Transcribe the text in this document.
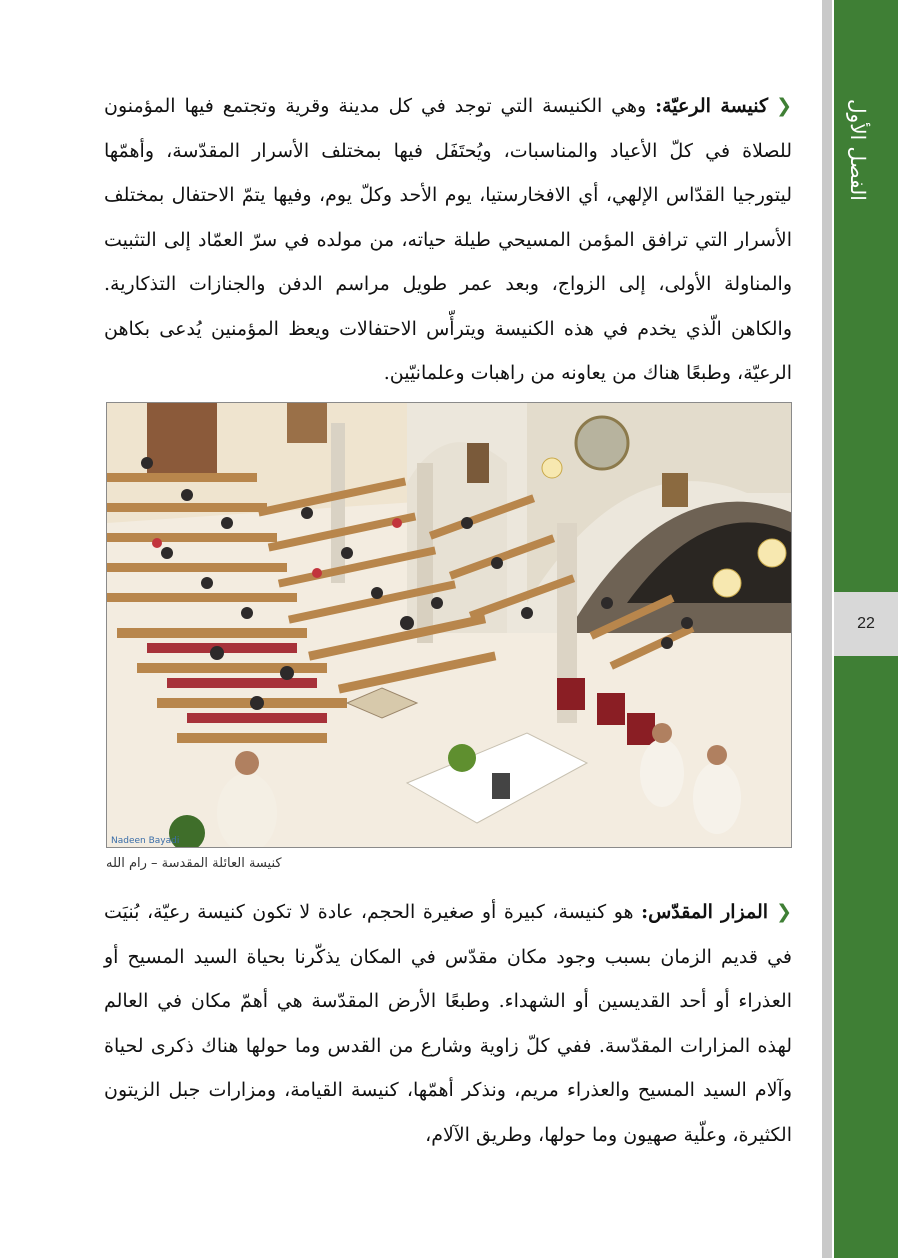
الفصل الأول
22
❮كنيسة الرعيّة: وهي الكنيسة التي توجد في كل مدينة وقرية وتجتمع فيها المؤمنون للصلاة في كلّ الأعياد والمناسبات، ويُحتَفَل فيها بمختلف الأسرار المقدّسة، وأهمّها ليتورجيا القدّاس الإلهي، أي الافخارستيا، يوم الأحد وكلّ يوم، وفيها يتمّ الاحتفال بمختلف الأسرار التي ترافق المؤمن المسيحي طيلة حياته، من مولده في سرّ العمّاد إلى التثبيت والمناولة الأولى، إلى الزواج، وبعد عمر طويل مراسم الدفن والجنازات التذكارية. والكاهن الّذي يخدم في هذه الكنيسة ويترأّس الاحتفالات ويعظ المؤمنين يُدعى بكاهن الرعيّة، وطبعًا هناك من يعاونه من راهبات وعلمانيّين.
Nadeen Bayadi
كنيسة العائلة المقدسة – رام الله
❮المزار المقدّس: هو كنيسة، كبيرة أو صغيرة الحجم، عادة لا تكون كنيسة رعيّة، بُنيَت في قديم الزمان بسبب وجود مكان مقدّس في المكان يذكّرنا بحياة السيد المسيح أو العذراء أو أحد القديسين أو الشهداء. وطبعًا الأرض المقدّسة هي أهمّ مكان في العالم لهذه المزارات المقدّسة. ففي كلّ زاوية وشارع من القدس وما حولها هناك ذكرى لحياة وآلام السيد المسيح والعذراء مريم، ونذكر أهمّها، كنيسة القيامة، ومزارات جبل الزيتون الكثيرة، وعلّية صهيون وما حولها، وطريق الآلام،
